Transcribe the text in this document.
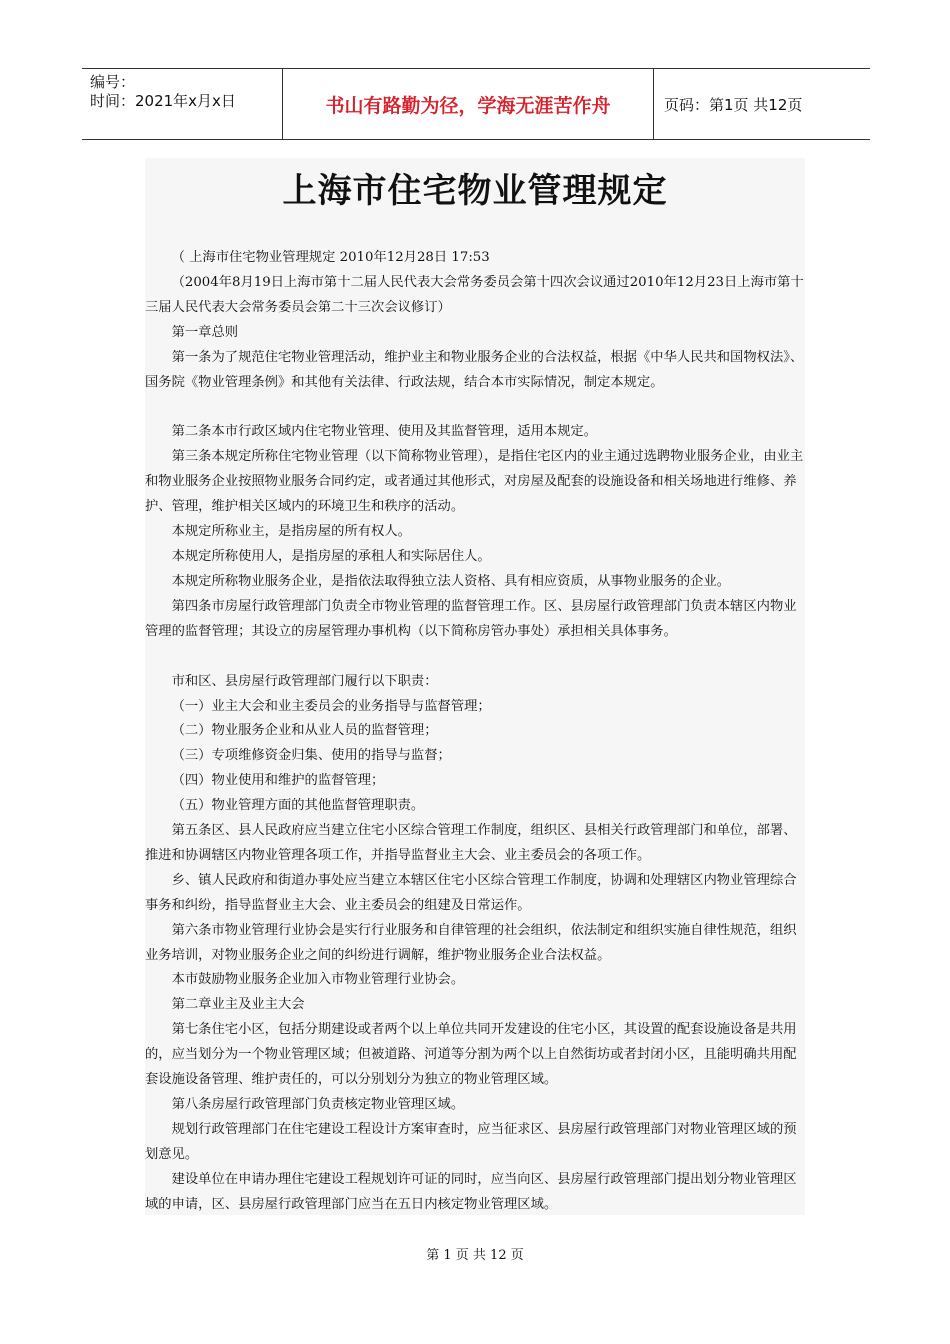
编号：
时间：2021年x月x日	书山有路勤为径，学海无涯苦作舟	页码：第1页 共12页
上海市住宅物业管理规定

（ 上海市住宅物业管理规定 2010年12月28日 17:53

（2004年8月19日上海市第十二届人民代表大会常务委员会第十四次会议通过2010年12月23日上海市第十三届人民代表大会常务委员会第二十三次会议修订）

第一章总则

第一条为了规范住宅物业管理活动，维护业主和物业服务企业的合法权益，根据《中华人民共和国物权法》、国务院《物业管理条例》和其他有关法律、行政法规，结合本市实际情况，制定本规定。

第二条本市行政区域内住宅物业管理、使用及其监督管理，适用本规定。

第三条本规定所称住宅物业管理（以下简称物业管理），是指住宅区内的业主通过选聘物业服务企业，由业主和物业服务企业按照物业服务合同约定，或者通过其他形式，对房屋及配套的设施设备和相关场地进行维修、养护、管理，维护相关区域内的环境卫生和秩序的活动。

本规定所称业主，是指房屋的所有权人。

本规定所称使用人，是指房屋的承租人和实际居住人。

本规定所称物业服务企业，是指依法取得独立法人资格、具有相应资质，从事物业服务的企业。

第四条市房屋行政管理部门负责全市物业管理的监督管理工作。区、县房屋行政管理部门负责本辖区内物业管理的监督管理；其设立的房屋管理办事机构（以下简称房管办事处）承担相关具体事务。

市和区、县房屋行政管理部门履行以下职责：

（一）业主大会和业主委员会的业务指导与监督管理；

（二）物业服务企业和从业人员的监督管理；

（三）专项维修资金归集、使用的指导与监督；

（四）物业使用和维护的监督管理；

（五）物业管理方面的其他监督管理职责。

第五条区、县人民政府应当建立住宅小区综合管理工作制度，组织区、县相关行政管理部门和单位，部署、推进和协调辖区内物业管理各项工作，并指导监督业主大会、业主委员会的各项工作。

乡、镇人民政府和街道办事处应当建立本辖区住宅小区综合管理工作制度，协调和处理辖区内物业管理综合事务和纠纷，指导监督业主大会、业主委员会的组建及日常运作。

第六条市物业管理行业协会是实行行业服务和自律管理的社会组织，依法制定和组织实施自律性规范，组织业务培训，对物业服务企业之间的纠纷进行调解，维护物业服务企业合法权益。

本市鼓励物业服务企业加入市物业管理行业协会。

第二章业主及业主大会

第七条住宅小区，包括分期建设或者两个以上单位共同开发建设的住宅小区，其设置的配套设施设备是共用的，应当划分为一个物业管理区域；但被道路、河道等分割为两个以上自然街坊或者封闭小区，且能明确共用配套设施设备管理、维护责任的，可以分别划分为独立的物业管理区域。

第八条房屋行政管理部门负责核定物业管理区域。

规划行政管理部门在住宅建设工程设计方案审查时，应当征求区、县房屋行政管理部门对物业管理区域的预划意见。

建设单位在申请办理住宅建设工程规划许可证的同时，应当向区、县房屋行政管理部门提出划分物业管理区域的申请，区、县房屋行政管理部门应当在五日内核定物业管理区域。

第 1 页 共 12 页
